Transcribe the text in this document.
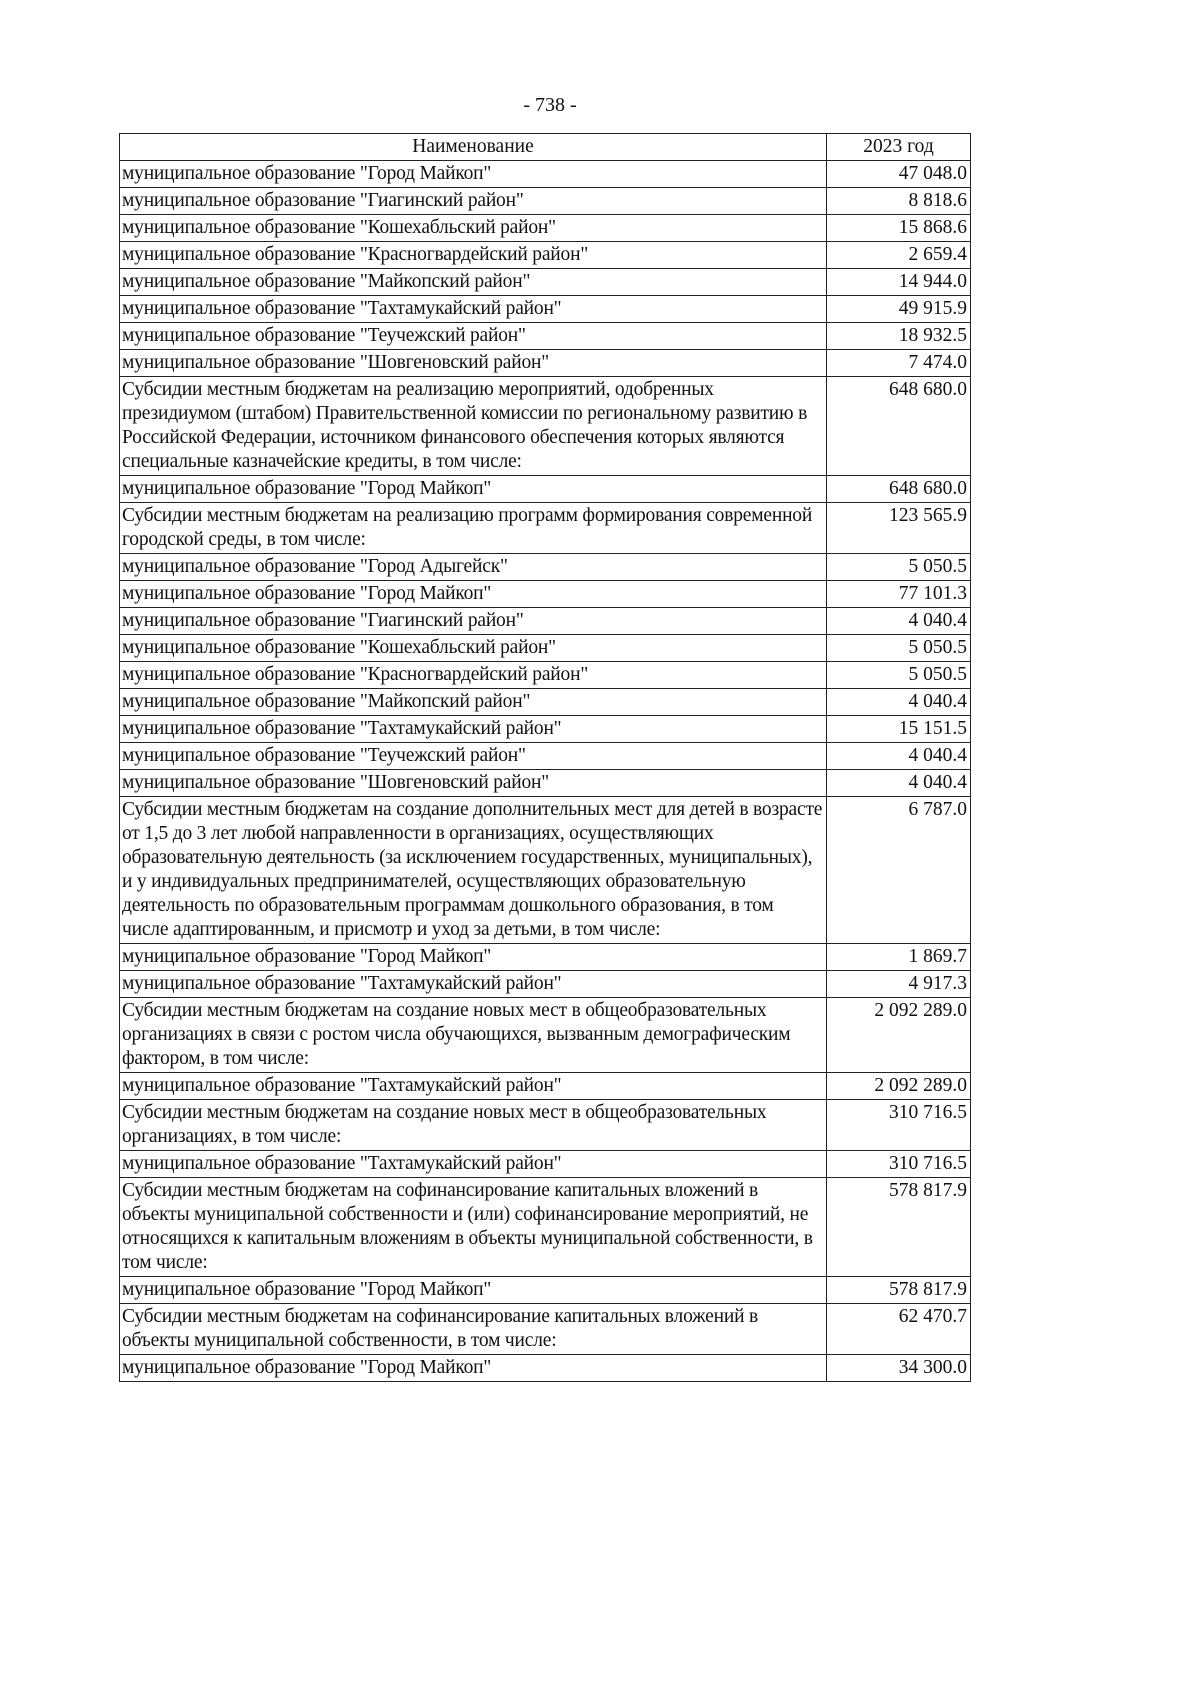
- 738 -
Наименование	2023 год
муниципальное образование "Город Майкоп"	47 048.0
муниципальное образование "Гиагинский район"	8 818.6
муниципальное образование "Кошехабльский район"	15 868.6
муниципальное образование "Красногвардейский район"	2 659.4
муниципальное образование "Майкопский район"	14 944.0
муниципальное образование "Тахтамукайский район"	49 915.9
муниципальное образование "Теучежский район"	18 932.5
муниципальное образование "Шовгеновский район"	7 474.0
Субсидии местным бюджетам на реализацию мероприятий, одобренных президиумом (штабом) Правительственной комиссии по региональному развитию в Российской Федерации, источником финансового обеспечения которых являются специальные казначейские кредиты, в том числе:	648 680.0
муниципальное образование "Город Майкоп"	648 680.0
Субсидии местным бюджетам на реализацию программ формирования современной городской среды, в том числе:	123 565.9
муниципальное образование "Город Адыгейск"	5 050.5
муниципальное образование "Город Майкоп"	77 101.3
муниципальное образование "Гиагинский район"	4 040.4
муниципальное образование "Кошехабльский район"	5 050.5
муниципальное образование "Красногвардейский район"	5 050.5
муниципальное образование "Майкопский район"	4 040.4
муниципальное образование "Тахтамукайский район"	15 151.5
муниципальное образование "Теучежский район"	4 040.4
муниципальное образование "Шовгеновский район"	4 040.4
Субсидии местным бюджетам на создание дополнительных мест для детей в возрасте от 1,5 до 3 лет любой направленности в организациях, осуществляющих образовательную деятельность (за исключением государственных, муниципальных), и у индивидуальных предпринимателей, осуществляющих образовательную деятельность по образовательным программам дошкольного образования, в том числе адаптированным, и присмотр и уход за детьми, в том числе:	6 787.0
муниципальное образование "Город Майкоп"	1 869.7
муниципальное образование "Тахтамукайский район"	4 917.3
Субсидии местным бюджетам на создание новых мест в общеобразовательных организациях в связи с ростом числа обучающихся, вызванным демографическим фактором, в том числе:	2 092 289.0
муниципальное образование "Тахтамукайский район"	2 092 289.0
Субсидии местным бюджетам на создание новых мест в общеобразовательных организациях, в том числе:	310 716.5
муниципальное образование "Тахтамукайский район"	310 716.5
Субсидии местным бюджетам на софинансирование капитальных вложений в объекты муниципальной собственности и (или) софинансирование мероприятий, не относящихся к капитальным вложениям в объекты муниципальной собственности, в том числе:	578 817.9
муниципальное образование "Город Майкоп"	578 817.9
Субсидии местным бюджетам на софинансирование капитальных вложений в объекты муниципальной собственности, в том числе:	62 470.7
муниципальное образование "Город Майкоп"	34 300.0
